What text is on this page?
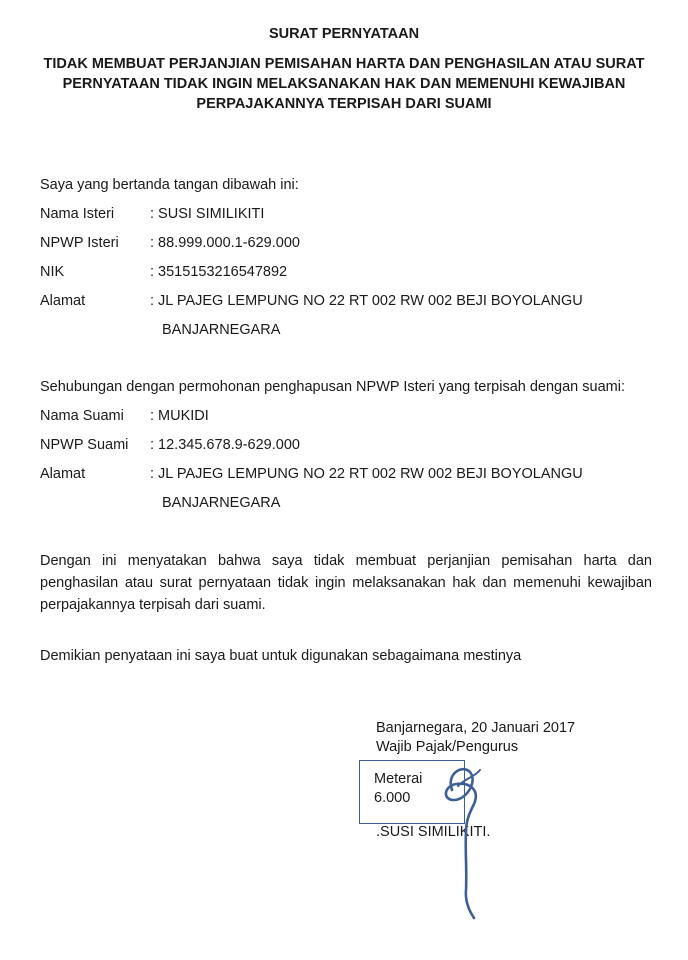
SURAT PERNYATAAN
TIDAK MEMBUAT PERJANJIAN PEMISAHAN HARTA DAN PENGHASILAN ATAU SURAT
PERNYATAAN TIDAK INGIN MELAKSANAKAN HAK DAN MEMENUHI KEWAJIBAN
PERPAJAKANNYA TERPISAH DARI SUAMI
Saya yang bertanda tangan dibawah ini:
Nama Isteri : SUSI SIMILIKITI
NPWP Isteri : 88.999.000.1-629.000
NIK	: 3515153216547892
Alamat	: JL PAJEG LEMPUNG NO 22 RT 002 RW 002 BEJI BOYOLANGU
BANJARNEGARA
Sehubungan dengan permohonan penghapusan NPWP Isteri yang terpisah dengan suami:
Nama Suami : MUKIDI
NPWP Suami : 12.345.678.9-629.000
Alamat	: JL PAJEG LEMPUNG NO 22 RT 002 RW 002 BEJI BOYOLANGU
BANJARNEGARA
Dengan ini menyatakan bahwa saya tidak membuat perjanjian pemisahan harta dan penghasilan atau surat pernyataan tidak ingin melaksanakan hak dan memenuhi kewajiban perpajakannya terpisah dari suami.
Demikian penyataan ini saya buat untuk digunakan sebagaimana mestinya
Banjarnegara, 20 Januari 2017
Wajib Pajak/Pengurus
Meterai
6.000
.SUSI SIMILIKITI.
